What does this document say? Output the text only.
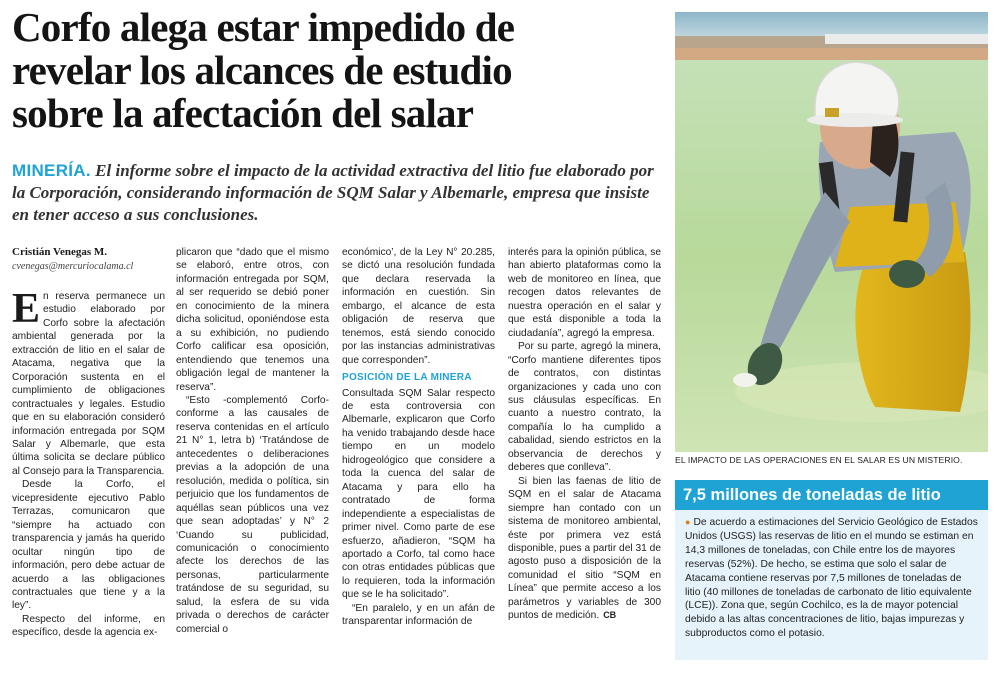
Corfo alega estar impedido de
revelar los alcances de estudio
sobre la afectación del salar

MINERÍA. El informe sobre el impacto de la actividad extractiva del litio fue elaborado por la Corporación, considerando información de SQM Salar y Albemarle, empresa que insiste en tener acceso a sus conclusiones.

Cristián Venegas M.
cvenegas@mercuriocalama.cl

En reserva permanece un estudio elaborado por Corfo sobre la afectación ambiental generada por la extracción de litio en el salar de Atacama, negativa que la Corporación sustenta en el cumplimiento de obligaciones contractuales y legales. Estudio que en su elaboración consideró información entregada por SQM Salar y Albemarle, que esta última solicita se declare público al Consejo para la Transparencia.

Desde la Corfo, el vicepresidente ejecutivo Pablo Terrazas, comunicaron que “siempre ha actuado con transparencia y jamás ha querido ocultar ningún tipo de información, pero debe actuar de acuerdo a las obligaciones contractuales que tiene y a la ley”.

Respecto del informe, en específico, desde la agencia ex-

plicaron que “dado que el mismo se elaboró, entre otros, con información entregada por SQM, al ser requerido se debió poner en conocimiento de la minera dicha solicitud, oponiéndose esta a su exhibición, no pudiendo Corfo calificar esa oposición, entendiendo que tenemos una obligación legal de mantener la reserva”.

“Esto -complementó Corfo- conforme a las causales de reserva contenidas en el artículo 21 N° 1, letra b) ‘Tratándose de antecedentes o deliberaciones previas a la adopción de una resolución, medida o política, sin perjuicio que los fundamentos de aquéllas sean públicos una vez que sean adoptadas’ y N° 2 ‘Cuando su publicidad, comunicación o conocimiento afecte los derechos de las personas, particularmente tratándose de su seguridad, su salud, la esfera de su vida privada o derechos de carácter comercial o

económico’, de la Ley N° 20.285, se dictó una resolución fundada que declara reservada la información en cuestión. Sin embargo, el alcance de esta obligación de reserva que tenemos, está siendo conocido por las instancias administrativas que corresponden”.

POSICIÓN DE LA MINERA

Consultada SQM Salar respecto de esta controversia con Albemarle, explicaron que Corfo ha venido trabajando desde hace tiempo en un modelo hidrogeológico que considere a toda la cuenca del salar de Atacama y para ello ha contratado de forma independiente a especialistas de primer nivel. Como parte de ese esfuerzo, añadieron, “SQM ha aportado a Corfo, tal como hace con otras entidades públicas que lo requieren, toda la información que se le ha solicitado”.

“En paralelo, y en un afán de transparentar información de

interés para la opinión pública, se han abierto plataformas como la web de monitoreo en línea, que recogen datos relevantes de nuestra operación en el salar y que está disponible a toda la ciudadanía”, agregó la empresa.

Por su parte, agregó la minera, “Corfo mantiene diferentes tipos de contratos, con distintas organizaciones y cada uno con sus cláusulas específicas. En cuanto a nuestro contrato, la compañía lo ha cumplido a cabalidad, siendo estrictos en la observancia de derechos y deberes que conlleva”.

Si bien las faenas de litio de SQM en el salar de Atacama siempre han contado con un sistema de monitoreo ambiental, éste por primera vez está disponible, pues a partir del 31 de agosto puso a disposición de la comunidad el sitio “SQM en Línea” que permite acceso a los parámetros y variables de 300 puntos de medición. CB

EL IMPACTO DE LAS OPERACIONES EN EL SALAR ES UN MISTERIO.
7,5 millones de toneladas de litio
● De acuerdo a estimaciones del Servicio Geológico de Estados Unidos (USGS) las reservas de litio en el mundo se estiman en 14,3 millones de toneladas, con Chile entre los de mayores reservas (52%). De hecho, se estima que solo el salar de Atacama contiene reservas por 7,5 millones de toneladas de litio (40 millones de toneladas de carbonato de litio equivalente (LCE)). Zona que, según Cochilco, es la de mayor potencial debido a las altas concentraciones de litio, bajas impurezas y subproductos como el potasio.
